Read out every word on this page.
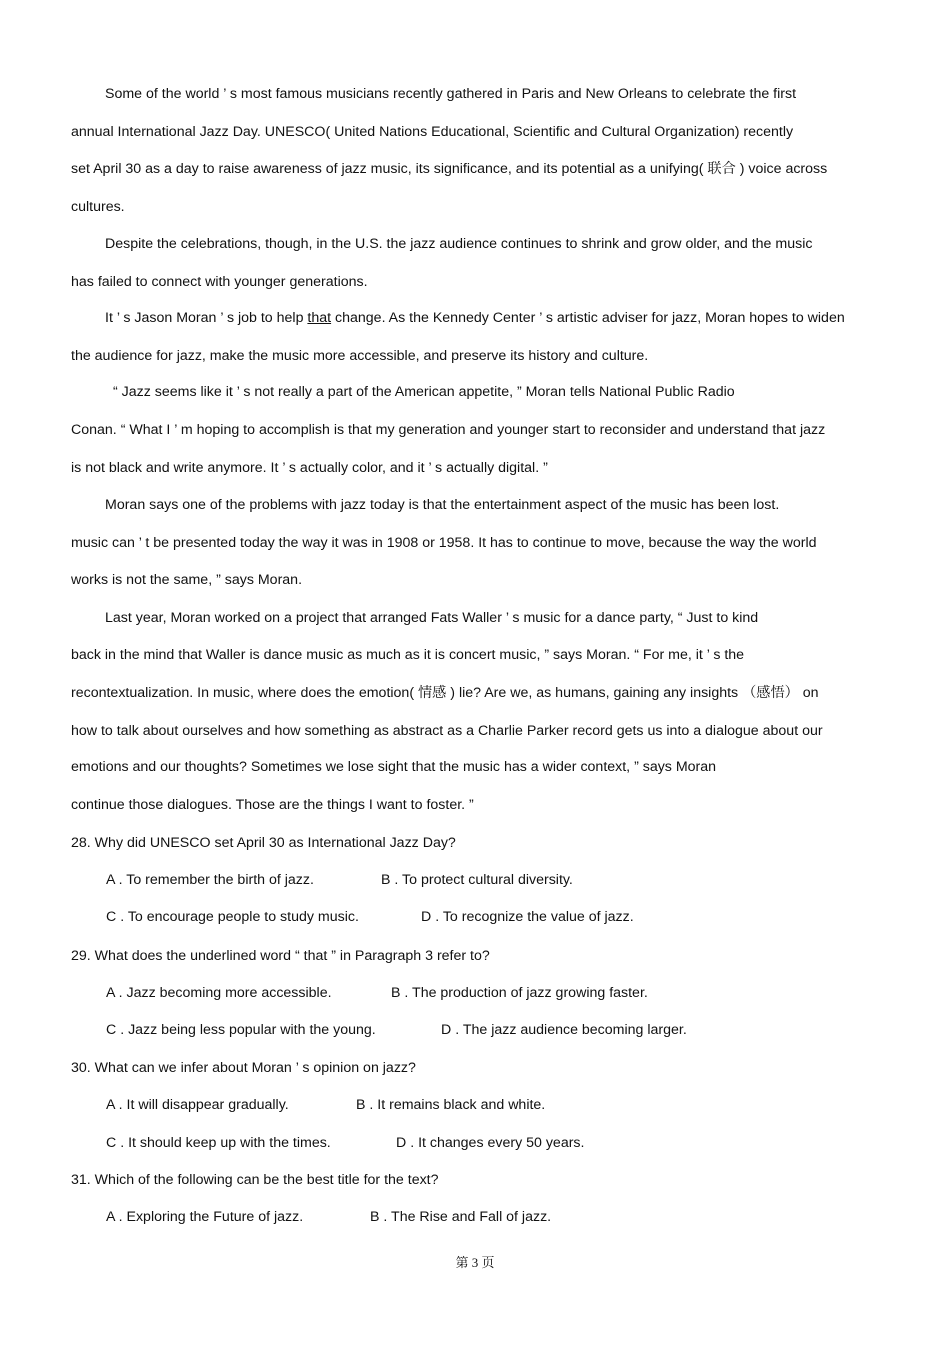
Some of the world ’ s most famous musicians recently gathered in Paris and New Orleans to celebrate the first
annual International Jazz Day. UNESCO( United Nations Educational, Scientific and Cultural Organization) recently
set April 30 as a day to raise awareness of jazz music, its significance, and its potential as a unifying( 联合 ) voice across
cultures.
Despite the celebrations, though, in the U.S. the jazz audience continues to shrink and grow older, and the music
has failed to connect with younger generations.
It ’ s Jason Moran ’ s job to help that change. As the Kennedy Center ’ s artistic adviser for jazz, Moran hopes to widen
the audience for jazz, make the music more accessible, and preserve its history and culture.
“ Jazz seems like it ’ s not really a part of the American appetite, ” Moran tells National Public Radio
Conan. “ What I ’ m hoping to accomplish is that my generation and younger start to reconsider and understand that jazz
is not black and write anymore. It ’ s actually color, and it ’ s actually digital. ”
Moran says one of the problems with jazz today is that the entertainment aspect of the music has been lost.
music can ’ t be presented today the way it was in 1908 or 1958. It has to continue to move, because the way the world
works is not the same, ” says Moran.
Last year, Moran worked on a project that arranged Fats Waller ’ s music for a dance party, “ Just to kind
back in the mind that Waller is dance music as much as it is concert music, ” says Moran. “ For me, it ’ s the
recontextualization. In music, where does the emotion( 情感 ) lie? Are we, as humans, gaining any insights （感悟） on
how to talk about ourselves and how something as abstract as a Charlie Parker record gets us into a dialogue about our
emotions and our thoughts? Sometimes we lose sight that the music has a wider context, ” says Moran
continue those dialogues. Those are the things I want to foster. ”
28. Why did UNESCO set April 30 as International Jazz Day?
A . To remember the birth of jazz.	B . To protect cultural diversity.
C . To encourage people to study music.	D . To recognize the value of jazz.
29. What does the underlined word “ that ” in Paragraph 3 refer to?
A . Jazz becoming more accessible.	B . The production of jazz growing faster.
C . Jazz being less popular with the young.	D . The jazz audience becoming larger.
30. What can we infer about Moran ’ s opinion on jazz?
A . It will disappear gradually.	B . It remains black and white.
C . It should keep up with the times.	D . It changes every 50 years.
31. Which of the following can be the best title for the text?
A . Exploring the Future of jazz.	B . The Rise and Fall of jazz.
第 3 页
